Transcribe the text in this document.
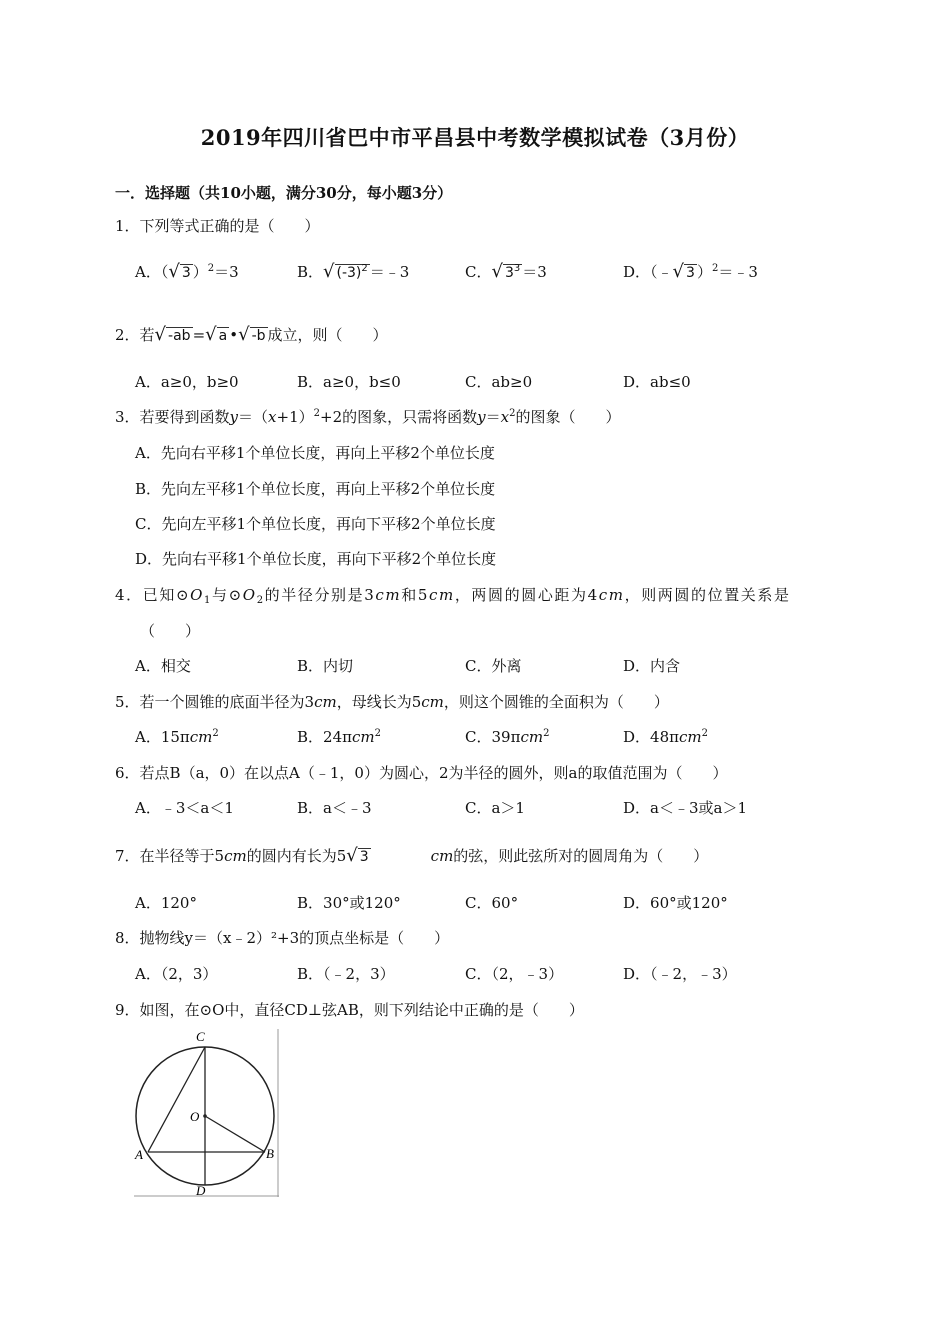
2019年四川省巴中市平昌县中考数学模拟试卷（3月份）
一．选择题（共10小题，满分30分，每小题3分）
1．下列等式正确的是（　　）
A．（√ 3 ）$^2$＝3	B．√ $(-3)^2$ ＝﹣3	C．√ $3^3 =3$	D．（﹣√ 3 ）$^2$＝﹣3
2．若√ -ab =√ a •√ -b 成立，则（　　）
A．a≥0，b≥0	B．a≥0，b≤0	C．ab≥0	D．ab≤0
3．若要得到函数$y=(x+1)^2+2$的图象，只需将函数$y=x^2$的图象（　　）
A．先向右平移1个单位长度，再向上平移2个单位长度
B．先向左平移1个单位长度，再向上平移2个单位长度
C．先向左平移1个单位长度，再向下平移2个单位长度
D．先向右平移1个单位长度，再向下平移2个单位长度
4．已知$⊙O_1$与$⊙O_2$的半径分别是3cm和5cm，两圆的圆心距为4cm，则两圆的位置关系是
（　　）
A．相交	B．内切	C．外离	D．内含
5．若一个圆锥的底面半径为3cm，母线长为5cm，则这个圆锥的全面积为（　　）
A．15πcm$^2$	B．24πcm$^2$	C．39πcm$^2$	D．48πcm$^2$
6．若点B（a，0）在以点A（﹣1，0）为圆心，2为半径的圆外，则a的取值范围为（　　）
A．﹣3＜a＜1	B．a＜﹣3	C．a＞1	D．a＜﹣3或a＞1
7．在半径等于5cm的圆内有长为5√ 3	cm的弦，则此弦所对的圆周角为（　　）
A．120°	B．30°或120°	C．60°	D．60°或120°
8．抛物线y＝（x﹣2）²+3的顶点坐标是（　　）
A．（2，3）	B．（﹣2，3）	C．（2，﹣3）	D．（﹣2，﹣3）
9．如图，在⊙O中，直径CD⊥弦AB，则下列结论中正确的是（　　）
C
O
A	B
D
